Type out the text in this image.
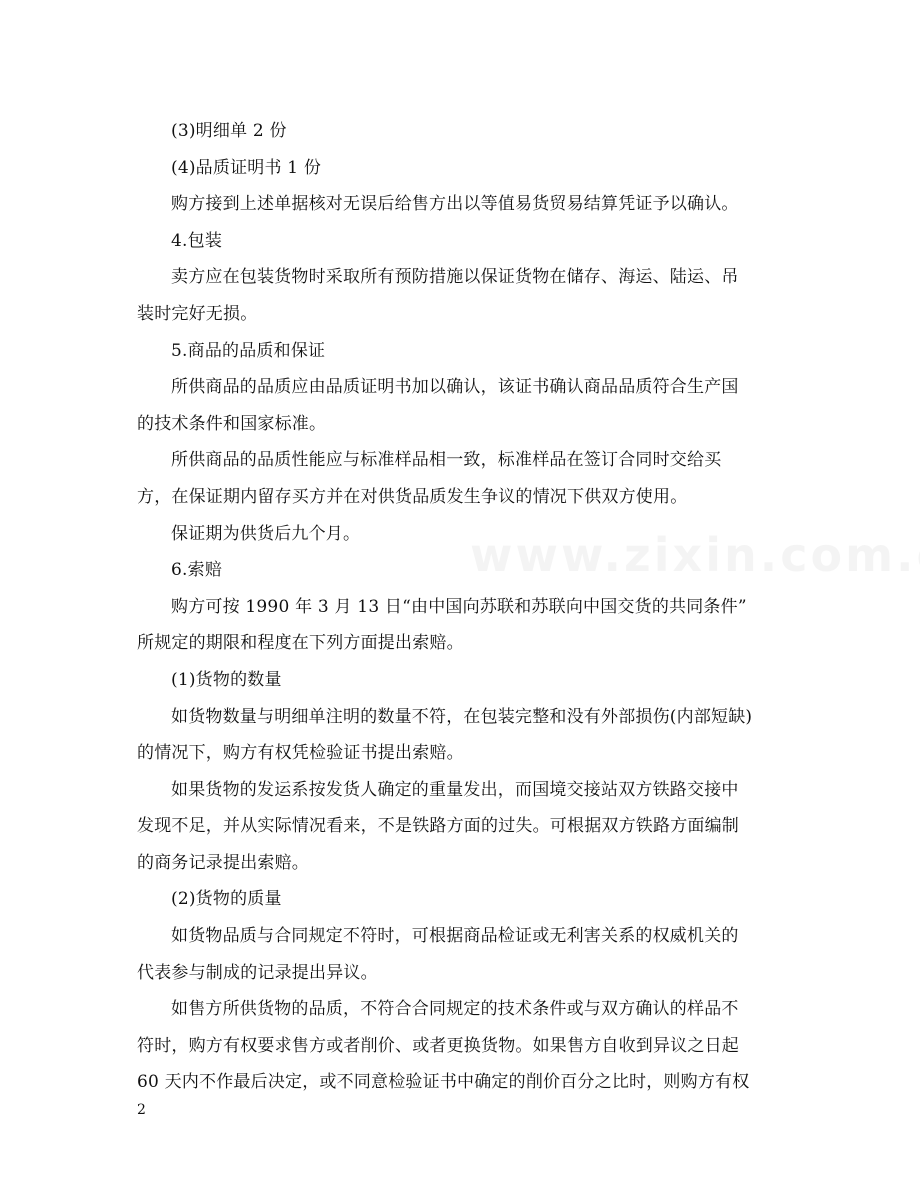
(3)明细单 2 份
(4)品质证明书 1 份
购方接到上述单据核对无误后给售方出以等值易货贸易结算凭证予以确认。
4.包装
卖方应在包装货物时采取所有预防措施以保证货物在储存、海运、陆运、吊
装时完好无损。
5.商品的品质和保证
所供商品的品质应由品质证明书加以确认，该证书确认商品品质符合生产国
的技术条件和国家标准。
所供商品的品质性能应与标准样品相一致，标准样品在签订合同时交给买
方，在保证期内留存买方并在对供货品质发生争议的情况下供双方使用。
保证期为供货后九个月。
6.索赔
购方可按 1990 年 3 月 13 日“由中国向苏联和苏联向中国交货的共同条件”
所规定的期限和程度在下列方面提出索赔。
(1)货物的数量
如货物数量与明细单注明的数量不符，在包装完整和没有外部损伤(内部短缺)
的情况下，购方有权凭检验证书提出索赔。
如果货物的发运系按发货人确定的重量发出，而国境交接站双方铁路交接中
发现不足，并从实际情况看来，不是铁路方面的过失。可根据双方铁路方面编制
的商务记录提出索赔。
(2)货物的质量
如货物品质与合同规定不符时，可根据商品检证或无利害关系的权威机关的
代表参与制成的记录提出异议。
如售方所供货物的品质，不符合合同规定的技术条件或与双方确认的样品不
符时，购方有权要求售方或者削价、或者更换货物。如果售方自收到异议之日起
60 天内不作最后决定，或不同意检验证书中确定的削价百分之比时，则购方有权
2
